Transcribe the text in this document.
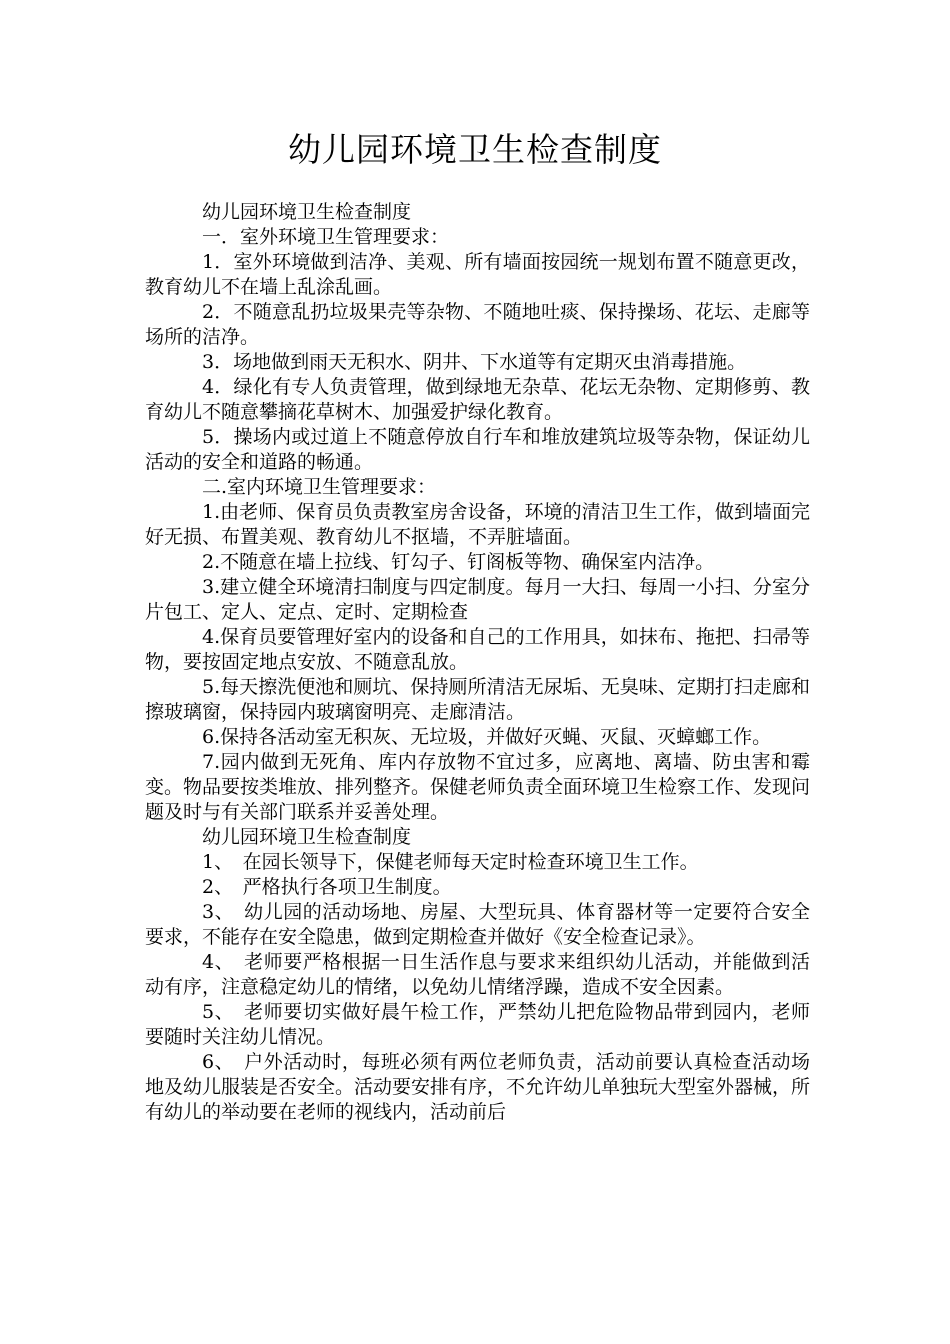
幼儿园环境卫生检查制度

幼儿园环境卫生检查制度

一．室外环境卫生管理要求：

1．室外环境做到洁净、美观、所有墙面按园统一规划布置不随意更改，教育幼儿不在墙上乱涂乱画。

2．不随意乱扔垃圾果壳等杂物、不随地吐痰、保持操场、花坛、走廊等场所的洁净。

3．场地做到雨天无积水、阴井、下水道等有定期灭虫消毒措施。

4．绿化有专人负责管理，做到绿地无杂草、花坛无杂物、定期修剪、教育幼儿不随意攀摘花草树木、加强爱护绿化教育。

5．操场内或过道上不随意停放自行车和堆放建筑垃圾等杂物，保证幼儿活动的安全和道路的畅通。

二.室内环境卫生管理要求：

1.由老师、保育员负责教室房舍设备，环境的清洁卫生工作，做到墙面完好无损、布置美观、教育幼儿不抠墙，不弄脏墙面。

2.不随意在墙上拉线、钉勾子、钉阁板等物、确保室内洁净。

3.建立健全环境清扫制度与四定制度。每月一大扫、每周一小扫、分室分片包工、定人、定点、定时、定期检查

4.保育员要管理好室内的设备和自己的工作用具，如抹布、拖把、扫帚等物，要按固定地点安放、不随意乱放。

5.每天擦洗便池和厕坑、保持厕所清洁无尿垢、无臭味、定期打扫走廊和擦玻璃窗，保持园内玻璃窗明亮、走廊清洁。

6.保持各活动室无积灰、无垃圾，并做好灭蝇、灭鼠、灭蟑螂工作。

7.园内做到无死角、库内存放物不宜过多，应离地、离墙、防虫害和霉变。物品要按类堆放、排列整齐。保健老师负责全面环境卫生检察工作、发现问题及时与有关部门联系并妥善处理。

幼儿园环境卫生检查制度

1、　在园长领导下，保健老师每天定时检查环境卫生工作。

2、　严格执行各项卫生制度。

3、　幼儿园的活动场地、房屋、大型玩具、体育器材等一定要符合安全要求，不能存在安全隐患，做到定期检查并做好《安全检查记录》。

4、　老师要严格根据一日生活作息与要求来组织幼儿活动，并能做到活动有序，注意稳定幼儿的情绪，以免幼儿情绪浮躁，造成不安全因素。

5、　老师要切实做好晨午检工作，严禁幼儿把危险物品带到园内，老师要随时关注幼儿情况。

6、　户外活动时，每班必须有两位老师负责，活动前要认真检查活动场地及幼儿服装是否安全。活动要安排有序，不允许幼儿单独玩大型室外器械，所有幼儿的举动要在老师的视线内，活动前后
